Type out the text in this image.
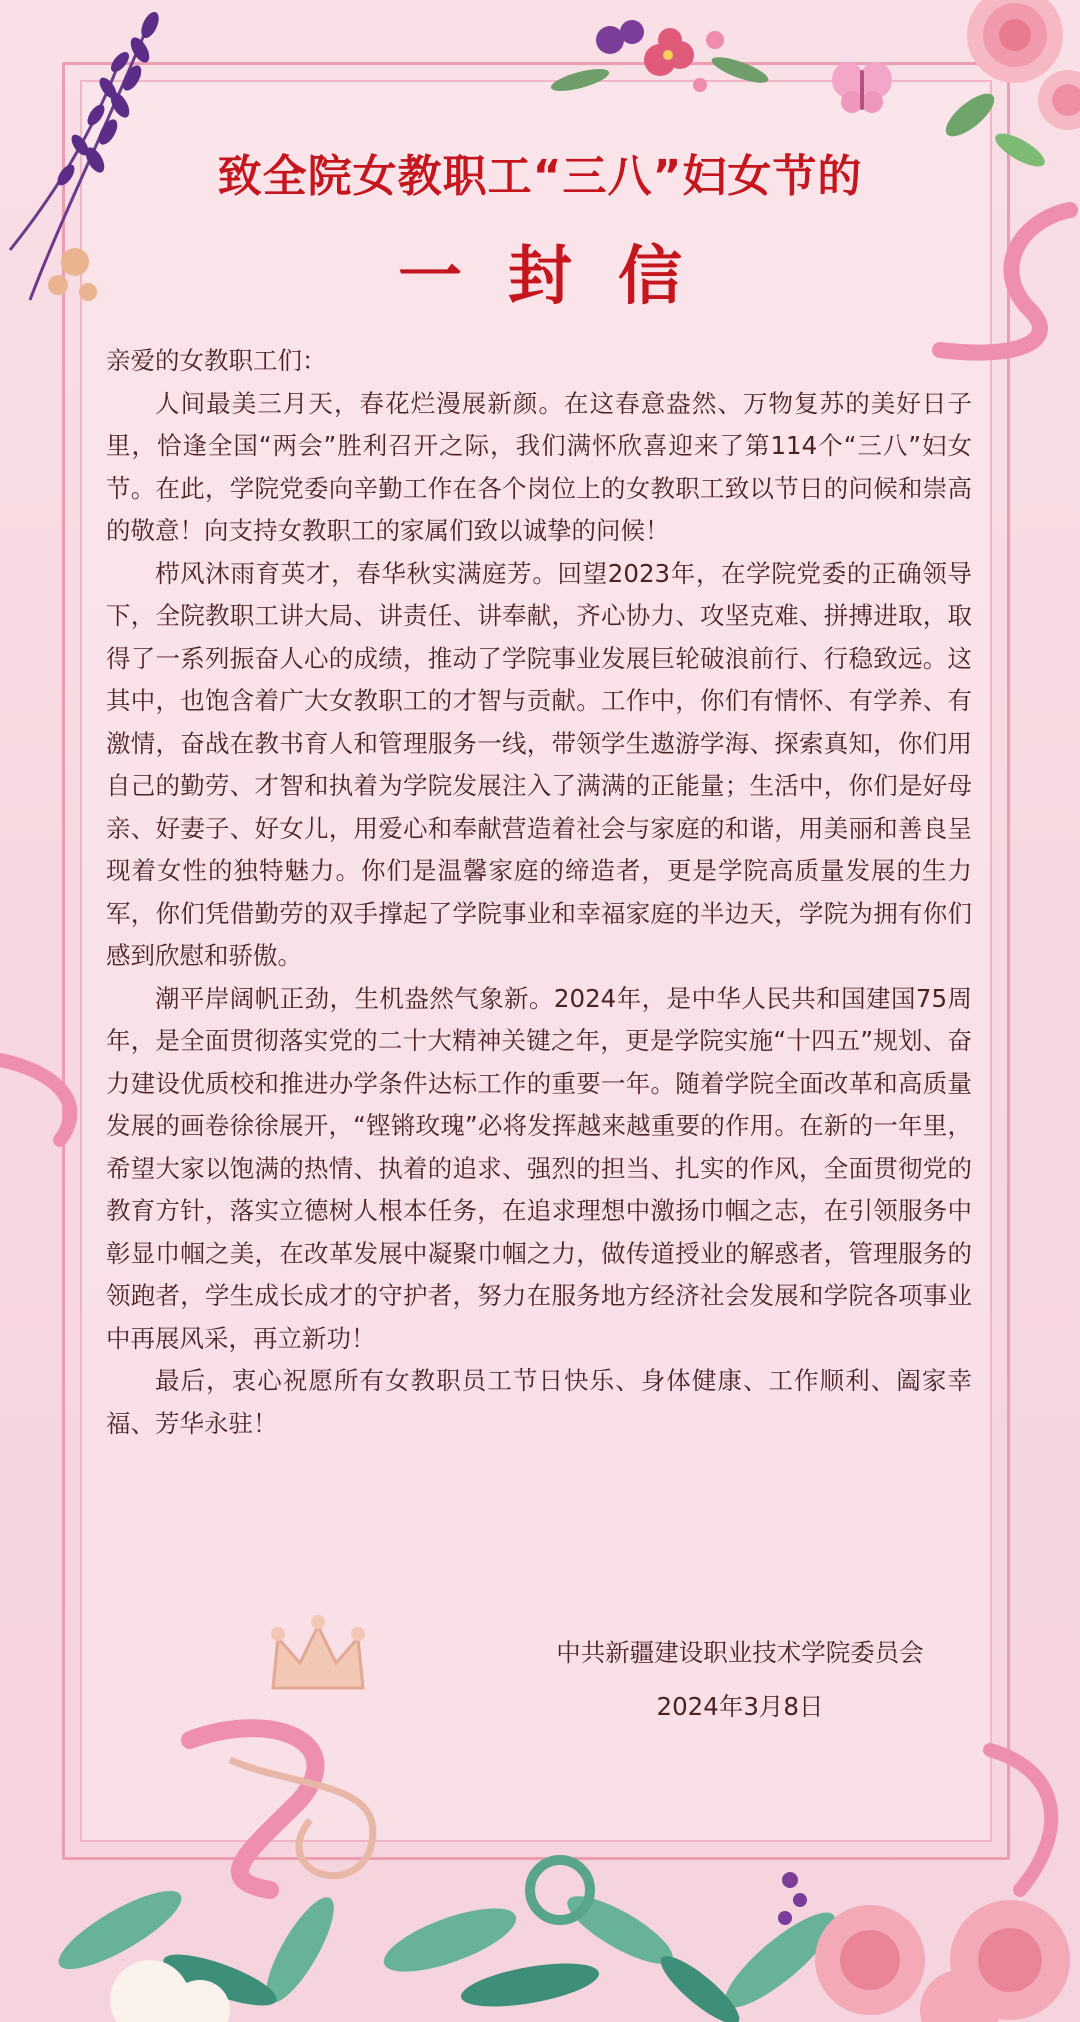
致全院女教职工“三八”妇女节的
一封信

亲爱的女教职工们：

人间最美三月天，春花烂漫展新颜。在这春意盎然、万物复苏的美好日子里，恰逢全国“两会”胜利召开之际，我们满怀欣喜迎来了第114个“三八”妇女节。在此，学院党委向辛勤工作在各个岗位上的女教职工致以节日的问候和崇高的敬意！向支持女教职工的家属们致以诚挚的问候！

栉风沐雨育英才，春华秋实满庭芳。回望2023年，在学院党委的正确领导下，全院教职工讲大局、讲责任、讲奉献，齐心协力、攻坚克难、拼搏进取，取得了一系列振奋人心的成绩，推动了学院事业发展巨轮破浪前行、行稳致远。这其中，也饱含着广大女教职工的才智与贡献。工作中，你们有情怀、有学养、有激情，奋战在教书育人和管理服务一线，带领学生遨游学海、探索真知，你们用自己的勤劳、才智和执着为学院发展注入了满满的正能量；生活中，你们是好母亲、好妻子、好女儿，用爱心和奉献营造着社会与家庭的和谐，用美丽和善良呈现着女性的独特魅力。你们是温馨家庭的缔造者，更是学院高质量发展的生力军，你们凭借勤劳的双手撑起了学院事业和幸福家庭的半边天，学院为拥有你们感到欣慰和骄傲。

潮平岸阔帆正劲，生机盎然气象新。2024年，是中华人民共和国建国75周年，是全面贯彻落实党的二十大精神关键之年，更是学院实施“十四五”规划、奋力建设优质校和推进办学条件达标工作的重要一年。随着学院全面改革和高质量发展的画卷徐徐展开，“铿锵玫瑰”必将发挥越来越重要的作用。在新的一年里，希望大家以饱满的热情、执着的追求、强烈的担当、扎实的作风，全面贯彻党的教育方针，落实立德树人根本任务，在追求理想中激扬巾帼之志，在引领服务中彰显巾帼之美，在改革发展中凝聚巾帼之力，做传道授业的解惑者，管理服务的领跑者，学生成长成才的守护者，努力在服务地方经济社会发展和学院各项事业中再展风采，再立新功！

最后，衷心祝愿所有女教职员工节日快乐、身体健康、工作顺利、阖家幸福、芳华永驻！

中共新疆建设职业技术学院委员会

2024年3月8日
